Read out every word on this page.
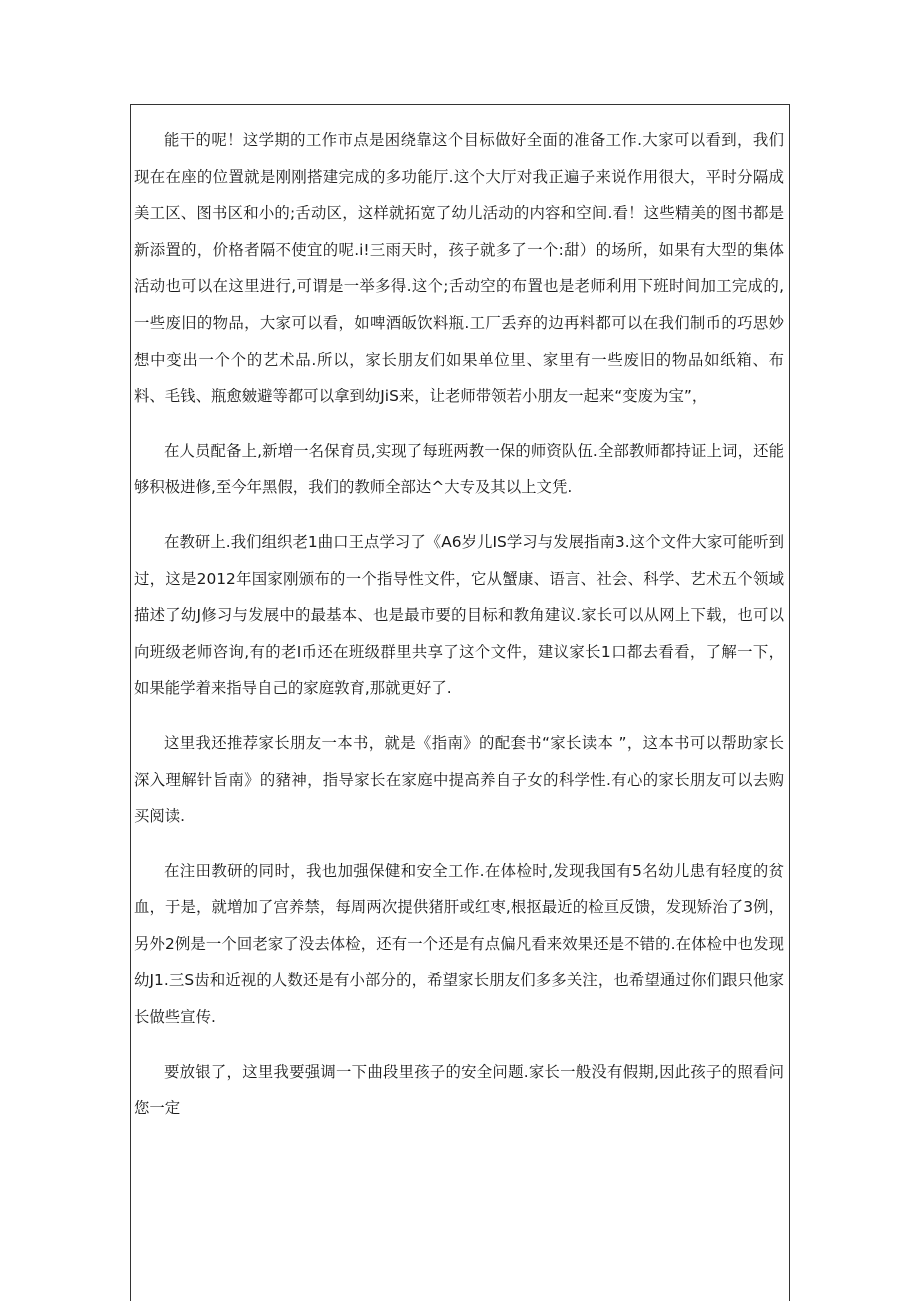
能干的呢！这学期的工作市点是困绕靠这个目标做好全面的准备工作.大家可以看到，我们现在在座的位置就是刚刚搭建完成的多功能厅.这个大厅对我正遍子来说作用很大，平时分隔成美工区、图书区和小的;舌动区，这样就拓宽了幼儿活动的内容和空间.看！这些精美的图书都是新添置的，价格者隔不使宜的呢.i!三雨天时，孩子就多了一个:甜）的场所，如果有大型的集体活动也可以在这里进行,可谓是一举多得.这个;舌动空的布置也是老师利用下班时间加工完成的,一些废旧的物品，大家可以看，如啤酒皈饮料瓶.工厂丢弃的边再料都可以在我们制币的巧思妙想中变出一个个的艺术品.所以，家长朋友们如果单位里、家里有一些废旧的物品如纸箱、布料、毛钱、瓶愈皴避等都可以拿到幼JiS来，让老师带领若小朋友一起来“变废为宝”，

在人员配备上,新増一名保育员,实现了每班两教一保的师资队伍.全部教师都持证上词，还能够积极进修,至今年黑假，我们的教师全部达^大专及其以上文凭.

在教研上.我们组织老1曲口王点学习了《A6岁儿IS学习与发展指南3.这个文件大家可能听到过，这是2012年国家刚颁布的一个指导性文件，它从蟹康、语言、社会、科学、艺术五个领域描述了幼J修习与发展中的最基本、也是最市要的目标和教角建议.家长可以从网上下载，也可以向班级老师咨询,有的老I币还在班级群里共享了这个文件，建议家长1口都去看看，了解一下，如果能学着来指导自己的家庭敦育,那就更好了.

这里我还推荐家长朋友一本书，就是《指南》的配套书“家长读本 ”，这本书可以帮助家长深入理解针旨南》的豬神，指导家长在家庭中提高养自子女的科学性.有心的家长朋友可以去购买阅读.

在注田教研的同时，我也加强保健和安全工作.在体检时,发现我国有5名幼儿患有轻度的贫血，于是，就増加了宫养禁，每周两次提供猪肝或红枣,根抠最近的检亘反馈，发现矫治了3例，另外2例是一个回老家了没去体检，还有一个还是有点偏凡看来效果还是不错的.在体检中也发现幼J1.三S齿和近视的人数还是有小部分的，希望家长朋友们多多关注，也希望通过你们跟只他家长做些宣传.

要放银了，这里我要强调一下曲段里孩子的安全问题.家长一般没有假期,因此孩子的照看问您一定
